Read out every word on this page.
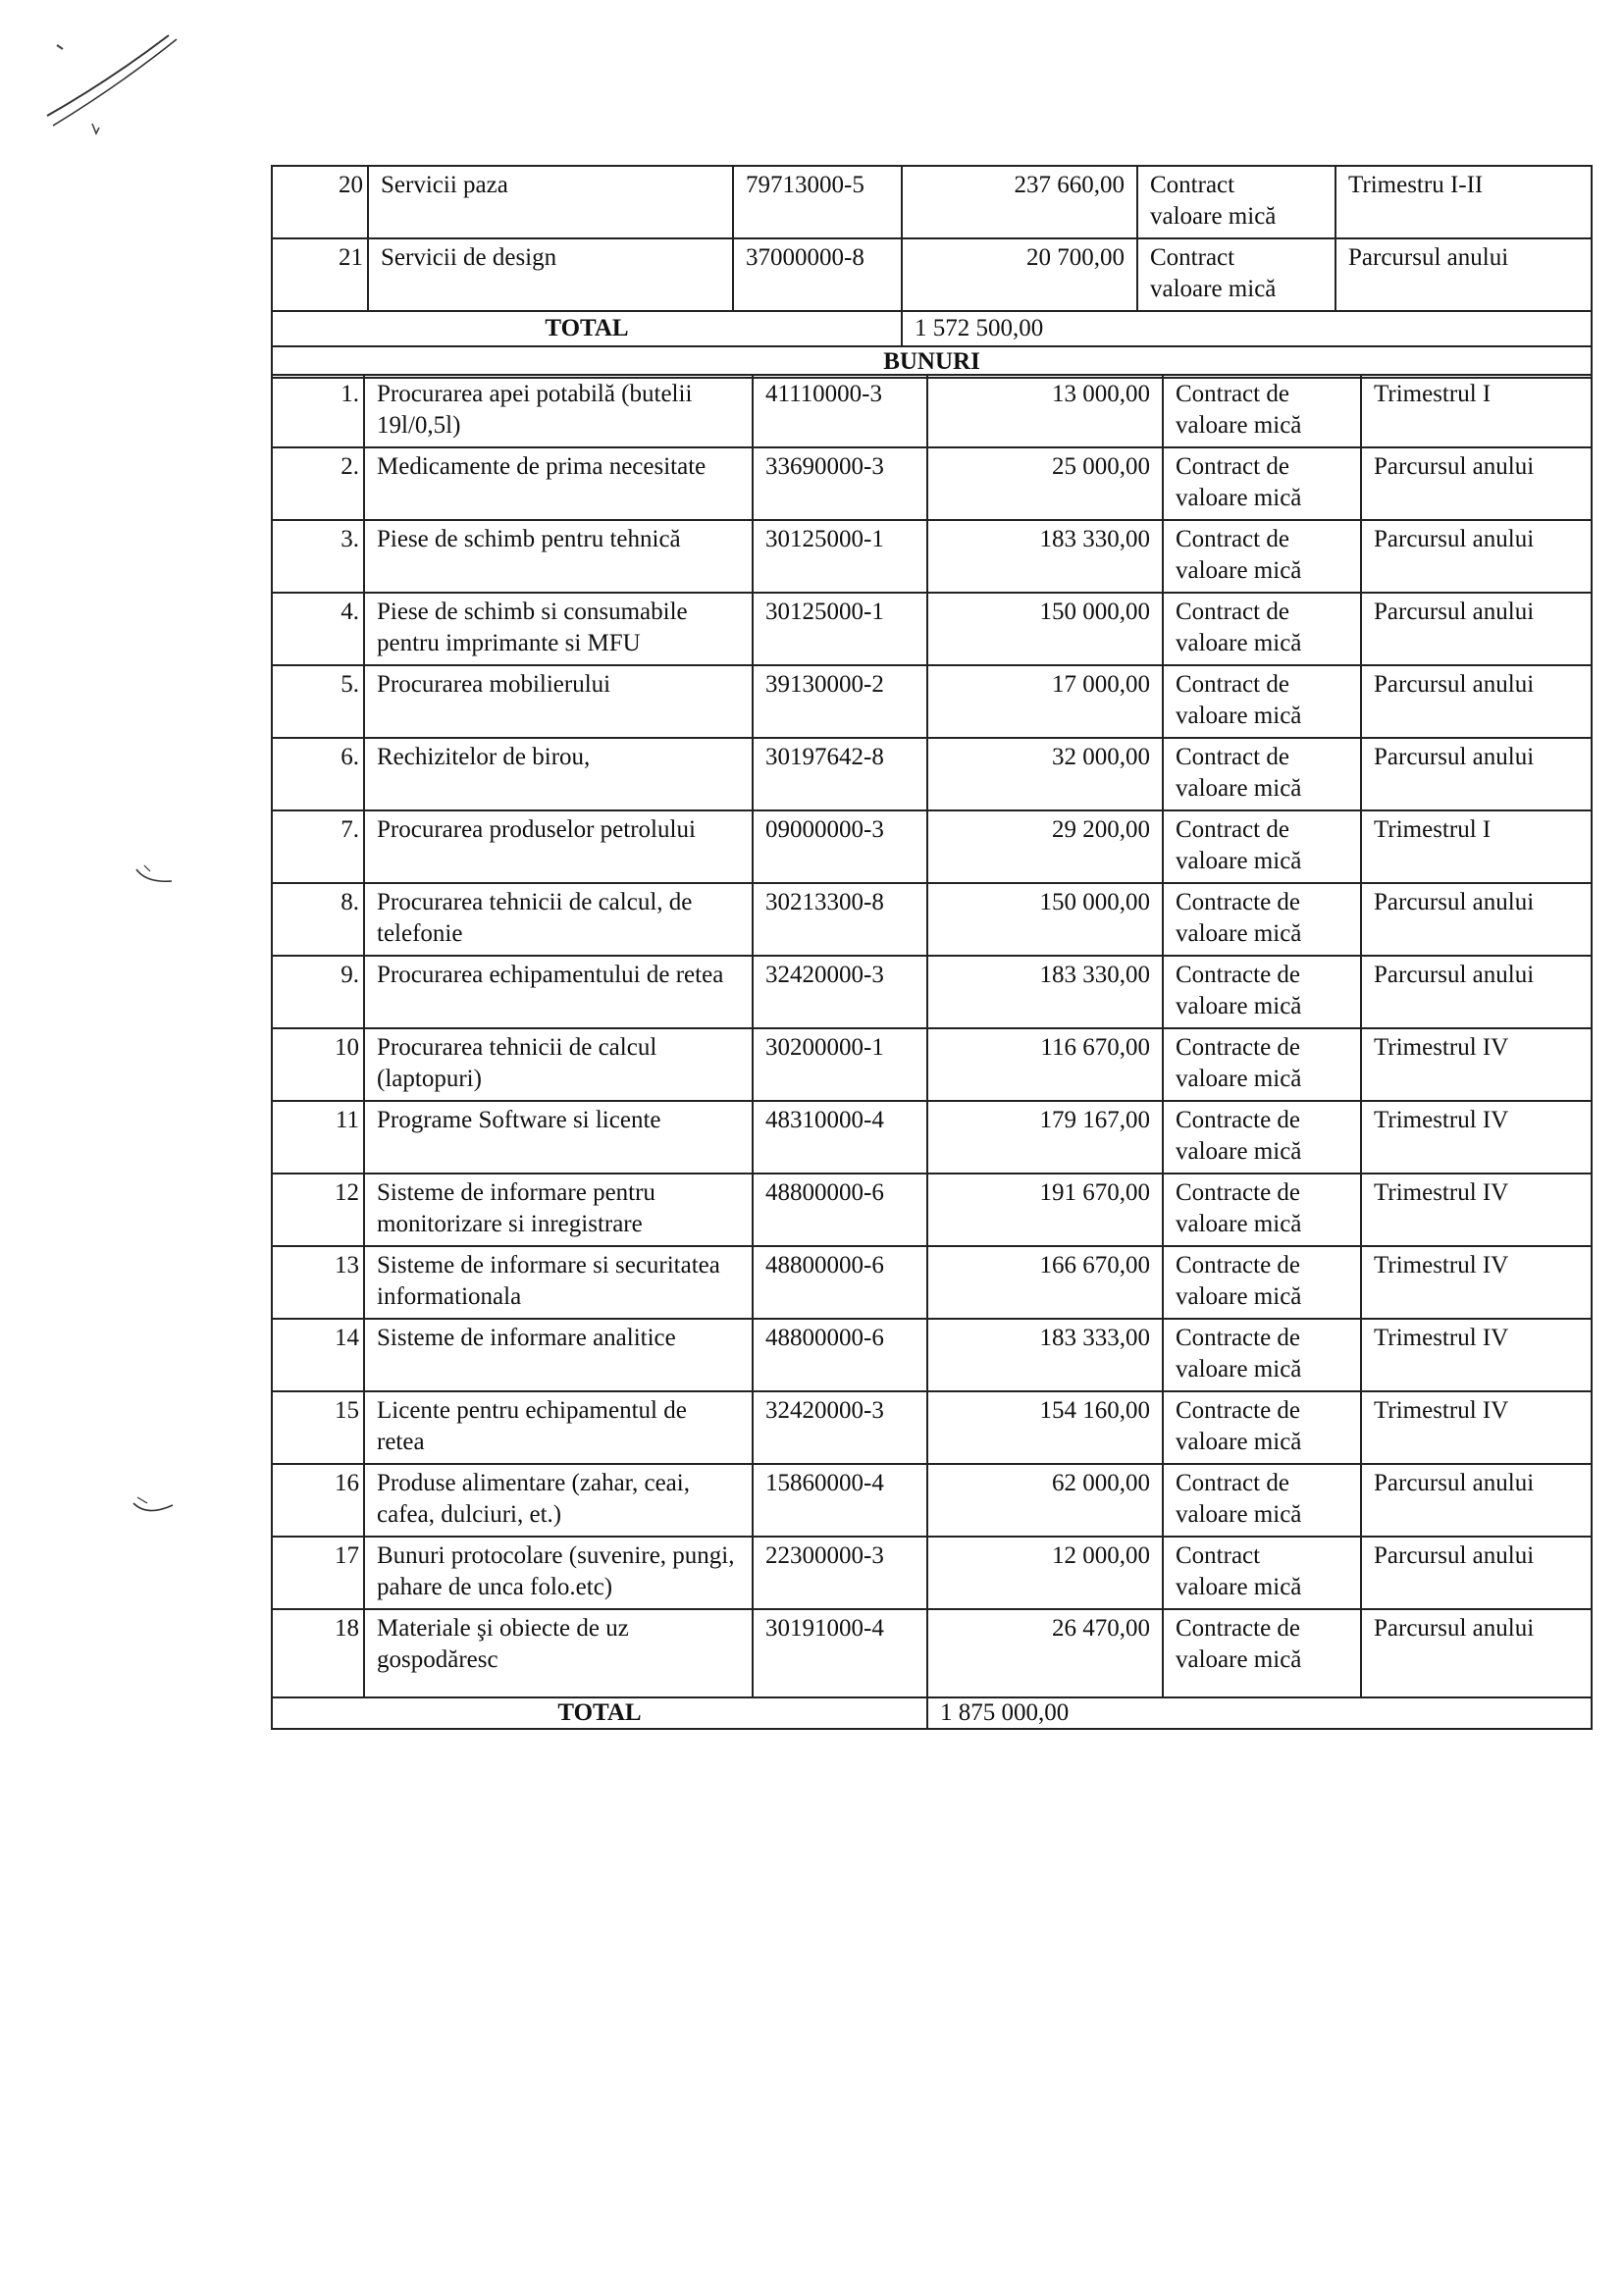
20	Servicii paza	79713000-5	237 660,00	Contract
valoare mică	Trimestru I-II
21	Servicii de design	37000000-8	20 700,00	Contract
valoare mică	Parcursul anului
TOTAL			1 572 500,00		
BUNURI					
1.	Procurarea apei potabilă (butelii 19l/0,5l)	41110000-3	13 000,00	Contract de
valoare mică	Trimestrul I
2.	Medicamente de prima necesitate	33690000-3	25 000,00	Contract de
valoare mică	Parcursul anului
3.	Piese de schimb pentru tehnică	30125000-1	183 330,00	Contract de
valoare mică	Parcursul anului
4.	Piese de schimb si consumabile pentru imprimante si MFU	30125000-1	150 000,00	Contract de
valoare mică	Parcursul anului
5.	Procurarea mobilierului	39130000-2	17 000,00	Contract de
valoare mică	Parcursul anului
6.	Rechizitelor de birou,	30197642-8	32 000,00	Contract de
valoare mică	Parcursul anului
7.	Procurarea produselor petrolului	09000000-3	29 200,00	Contract de
valoare mică	Trimestrul I
8.	Procurarea tehnicii de calcul, de telefonie	30213300-8	150 000,00	Contracte de
valoare mică	Parcursul anului
9.	Procurarea echipamentului de retea	32420000-3	183 330,00	Contracte de
valoare mică	Parcursul anului
10	Procurarea tehnicii de calcul (laptopuri)	30200000-1	116 670,00	Contracte de
valoare mică	Trimestrul IV
11	Programe Software si licente	48310000-4	179 167,00	Contracte de
valoare mică	Trimestrul IV
12	Sisteme de informare pentru monitorizare si inregistrare	48800000-6	191 670,00	Contracte de
valoare mică	Trimestrul IV
13	Sisteme de informare si securitatea informationala	48800000-6	166 670,00	Contracte de
valoare mică	Trimestrul IV
14	Sisteme de informare analitice	48800000-6	183 333,00	Contracte de
valoare mică	Trimestrul IV
15	Licente pentru echipamentul de retea	32420000-3	154 160,00	Contracte de
valoare mică	Trimestrul IV
16	Produse alimentare (zahar, ceai, cafea, dulciuri, et.)	15860000-4	62 000,00	Contract de
valoare mică	Parcursul anului
17	Bunuri protocolare (suvenire, pungi, pahare de unca folo.etc)	22300000-3	12 000,00	Contract
valoare mică	Parcursul anului
18	Materiale şi obiecte de uz gospodăresc	30191000-4	26 470,00	Contracte de
valoare mică	Parcursul anului
TOTAL			1 875 000,00		
